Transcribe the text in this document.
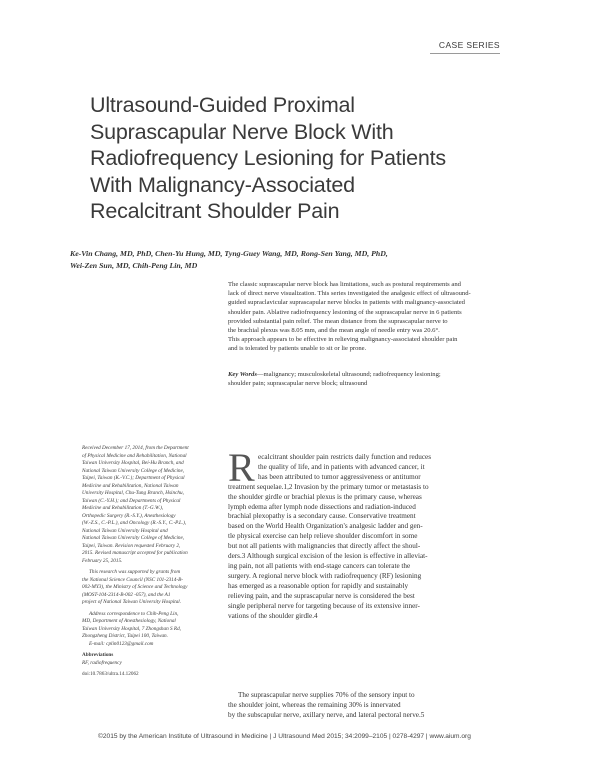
CASE SERIES
Ultrasound-Guided Proximal
Suprascapular Nerve Block With
Radiofrequency Lesioning for Patients
With Malignancy-Associated
Recalcitrant Shoulder Pain

Ke-Vin Chang, MD, PhD, Chen-Yu Hung, MD, Tyng-Guey Wang, MD, Rong-Sen Yang, MD, PhD,
Wei-Zen Sun, MD, Chih-Peng Lin, MD

The classic suprascapular nerve block has limitations, such as postural requirements and
lack of direct nerve visualization. This series investigated the analgesic effect of ultrasound-
guided supraclavicular suprascapular nerve blocks in patients with malignancy-associated
shoulder pain. Ablative radiofrequency lesioning of the suprascapular nerve in 6 patients
provided substantial pain relief. The mean distance from the suprascapular nerve to
the brachial plexus was 8.05 mm, and the mean angle of needle entry was 20.6°.
This approach appears to be effective in relieving malignancy-associated shoulder pain
and is tolerated by patients unable to sit or lie prone.

Key Words—malignancy; musculoskeletal ultrasound; radiofrequency lesioning;
shoulder pain; suprascapular nerve block; ultrasound

Received December 17, 2014, from the Department
of Physical Medicine and Rehabilitation, National
Taiwan University Hospital, Bei-Hu Branch, and
National Taiwan University College of Medicine,
Taipei, Taiwan (K.-V.C.); Department of Physical
Medicine and Rehabilitation, National Taiwan
University Hospital, Chu-Tung Branch, Hsinchu,
Taiwan (C.-Y.H.); and Departments of Physical
Medicine and Rehabilitation (T.-G.W.),
Orthopedic Surgery (R.-S.Y.), Anesthesiology
(W.-Z.S., C.-P.L.), and Oncology (R.-S.Y., C.-P.L.),
National Taiwan University Hospital and
National Taiwan University College of Medicine,
Taipei, Taiwan. Revision requested February 2,
2015. Revised manuscript accepted for publication
February 25, 2015.

This research was supported by grants from
the National Science Council (NSC 101-2314-B-
002-MY3), the Ministry of Science and Technology
(MOST-104-2314-B-002 -057), and the A1
project of National Taiwan University Hospital.

Address correspondence to Chih-Peng Lin,
MD, Department of Anesthesiology, National
Taiwan University Hospital, 7 Zhongshan S Rd,
Zhongzheng District, Taipei 100, Taiwan.
E-mail: cplin0123@gmail.com

Abbreviations

RF, radiofrequency

doi:10.7863/ultra.14.12062

R ecalcitrant shoulder pain restricts daily function and reduces
the quality of life, and in patients with advanced cancer, it
has been attributed to tumor aggressiveness or antitumor
treatment sequelae.1,2 Invasion by the primary tumor or metastasis to
the shoulder girdle or brachial plexus is the primary cause, whereas
lymph edema after lymph node dissections and radiation-induced
brachial plexopathy is a secondary cause. Conservative treatment
based on the World Health Organization's analgesic ladder and gen-
tle physical exercise can help relieve shoulder discomfort in some
but not all patients with malignancies that directly affect the shoul-
ders.3 Although surgical excision of the lesion is effective in alleviat-
ing pain, not all patients with end-stage cancers can tolerate the
surgery. A regional nerve block with radiofrequency (RF) lesioning
has emerged as a reasonable option for rapidly and sustainably
relieving pain, and the suprascapular nerve is considered the best
single peripheral nerve for targeting because of its extensive inner-
vations of the shoulder girdle.4

The suprascapular nerve supplies 70% of the sensory input to
the shoulder joint, whereas the remaining 30% is innervated
by the subscapular nerve, axillary nerve, and lateral pectoral nerve.5

©2015 by the American Institute of Ultrasound in Medicine | J Ultrasound Med 2015; 34:2099–2105 | 0278-4297 | www.aium.org
